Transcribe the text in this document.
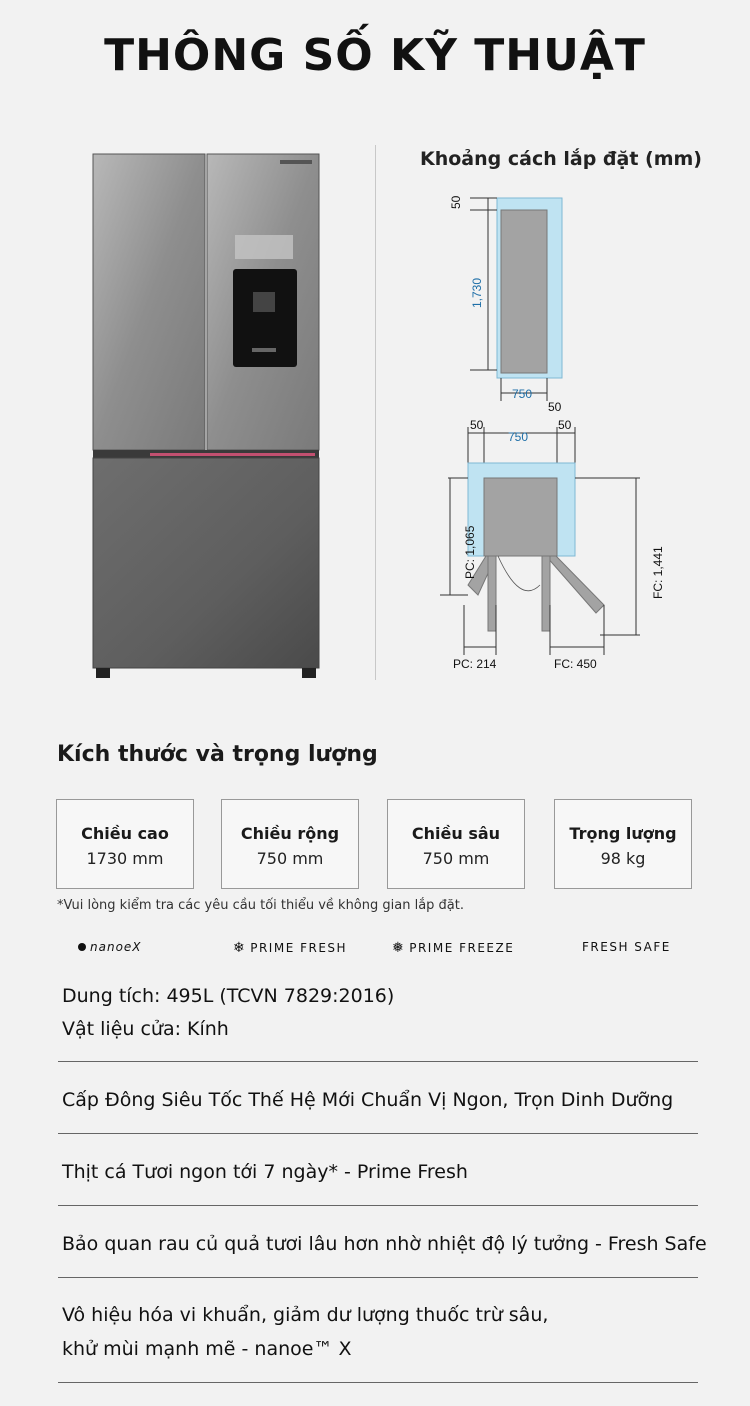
THÔNG SỐ KỸ THUẬT
Khoảng cách lắp đặt (mm)
50
1,730
750
50
50
750
50
PC: 1,065	FC: 1,441
PC: 214	FC: 450
Kích thước và trọng lượng
Chiều cao
1730 mm
Chiều rộng
750 mm
Chiều sâu
750 mm
Trọng lượng
98 kg
*Vui lòng kiểm tra các yêu cầu tối thiểu về không gian lắp đặt.
nanoeX	❄ PRIME FRESH	❅ PRIME FREEZE	FRESH SAFE
Dung tích: 495L (TCVN 7829:2016)
Vật liệu cửa: Kính
Cấp Đông Siêu Tốc Thế Hệ Mới Chuẩn Vị Ngon, Trọn Dinh Dưỡng
Thịt cá Tươi ngon tới 7 ngày* - Prime Fresh
Bảo quan rau củ quả tươi lâu hơn nhờ nhiệt độ lý tưởng - Fresh Safe
Vô hiệu hóa vi khuẩn, giảm dư lượng thuốc trừ sâu,
khử mùi mạnh mẽ - nanoe™ X
